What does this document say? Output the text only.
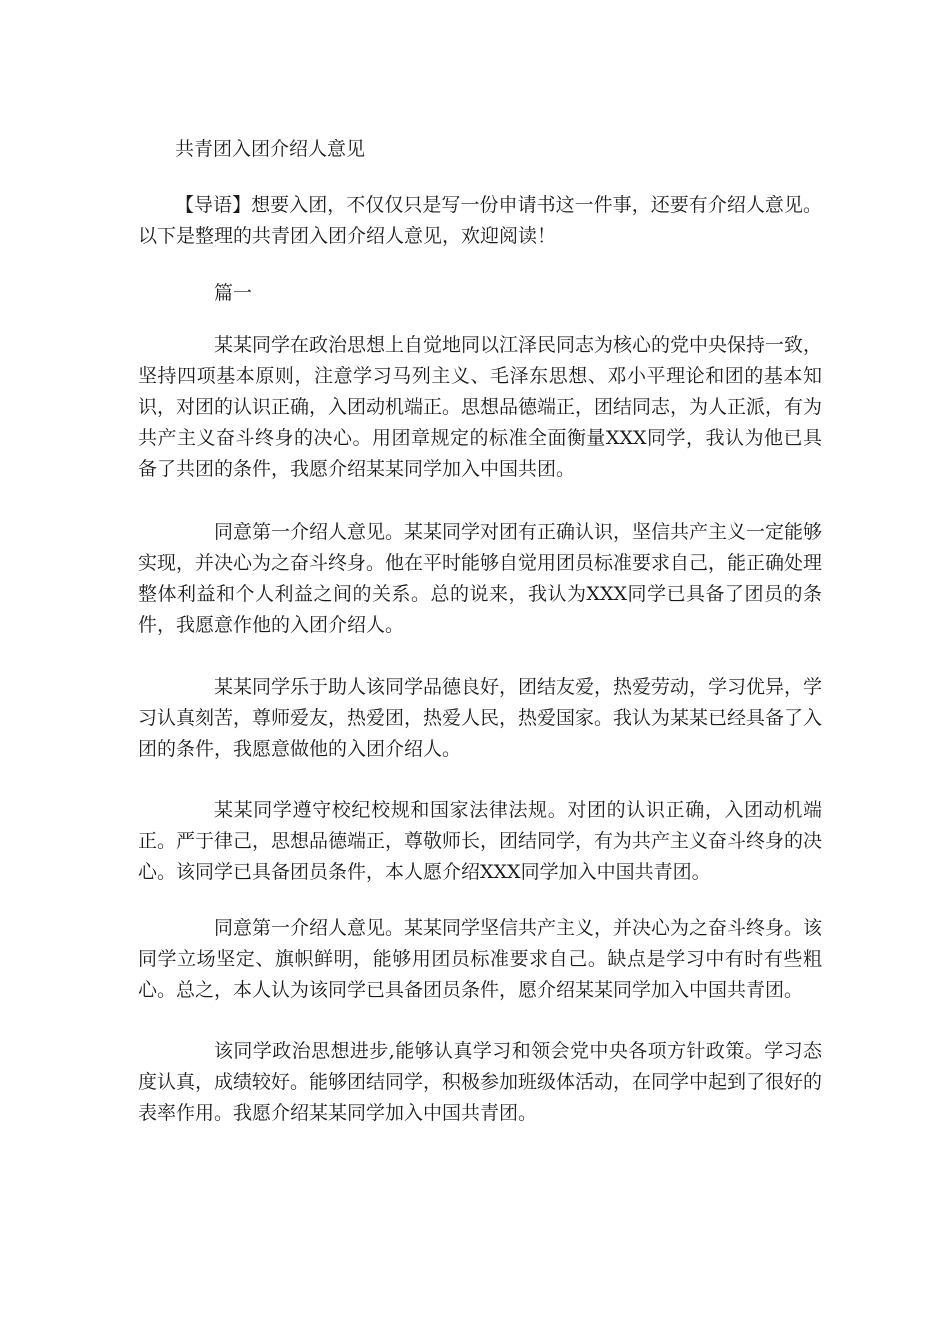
共青团入团介绍人意见

【导语】想要入团，不仅仅只是写一份申请书这一件事，还要有介绍人意见。以下是整理的共青团入团介绍人意见，欢迎阅读！

篇一

某某同学在政治思想上自觉地同以江泽民同志为核心的党中央保持一致，坚持四项基本原则，注意学习马列主义、毛泽东思想、邓小平理论和团的基本知识，对团的认识正确，入团动机端正。思想品德端正，团结同志，为人正派，有为共产主义奋斗终身的决心。用团章规定的标准全面衡量XXX同学，我认为他已具备了共团的条件，我愿介绍某某同学加入中国共团。

同意第一介绍人意见。某某同学对团有正确认识，坚信共产主义一定能够实现，并决心为之奋斗终身。他在平时能够自觉用团员标准要求自己，能正确处理整体利益和个人利益之间的关系。总的说来，我认为XXX同学已具备了团员的条件，我愿意作他的入团介绍人。

某某同学乐于助人该同学品德良好，团结友爱，热爱劳动，学习优异，学习认真刻苦，尊师爱友，热爱团，热爱人民，热爱国家。我认为某某已经具备了入团的条件，我愿意做他的入团介绍人。

某某同学遵守校纪校规和国家法律法规。对团的认识正确，入团动机端正。严于律己，思想品德端正，尊敬师长，团结同学，有为共产主义奋斗终身的决心。该同学已具备团员条件，本人愿介绍XXX同学加入中国共青团。

同意第一介绍人意见。某某同学坚信共产主义，并决心为之奋斗终身。该同学立场坚定、旗帜鲜明，能够用团员标准要求自己。缺点是学习中有时有些粗心。总之，本人认为该同学已具备团员条件，愿介绍某某同学加入中国共青团。

该同学政治思想进步,能够认真学习和领会党中央各项方针政策。学习态度认真，成绩较好。能够团结同学，积极参加班级体活动，在同学中起到了很好的表率作用。我愿介绍某某同学加入中国共青团。
